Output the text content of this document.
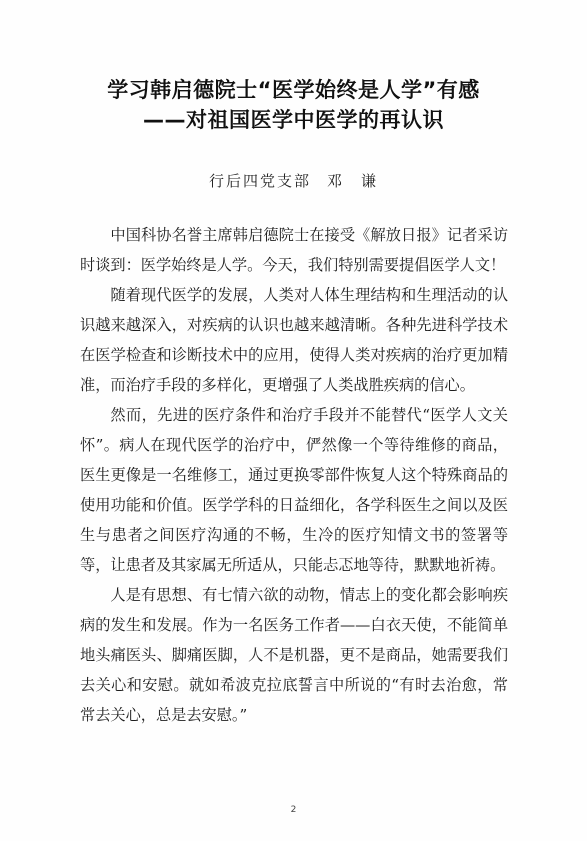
学习韩启德院士“医学始终是人学”有感
——对祖国医学中医学的再认识
行后四党支部 邓　谦

中国科协名誉主席韩启德院士在接受《解放日报》记者采访时谈到：医学始终是人学。今天，我们特别需要提倡医学人文！

随着现代医学的发展，人类对人体生理结构和生理活动的认识越来越深入，对疾病的认识也越来越清晰。各种先进科学技术在医学检查和诊断技术中的应用，使得人类对疾病的治疗更加精准，而治疗手段的多样化，更增强了人类战胜疾病的信心。

然而，先进的医疗条件和治疗手段并不能替代“医学人文关怀”。病人在现代医学的治疗中，俨然像一个等待维修的商品，医生更像是一名维修工，通过更换零部件恢复人这个特殊商品的使用功能和价值。医学学科的日益细化，各学科医生之间以及医生与患者之间医疗沟通的不畅，生冷的医疗知情文书的签署等等，让患者及其家属无所适从，只能忐忑地等待，默默地祈祷。

人是有思想、有七情六欲的动物，情志上的变化都会影响疾病的发生和发展。作为一名医务工作者——白衣天使，不能简单地头痛医头、脚痛医脚，人不是机器，更不是商品，她需要我们去关心和安慰。就如希波克拉底誓言中所说的“有时去治愈，常常去关心，总是去安慰。”

2
